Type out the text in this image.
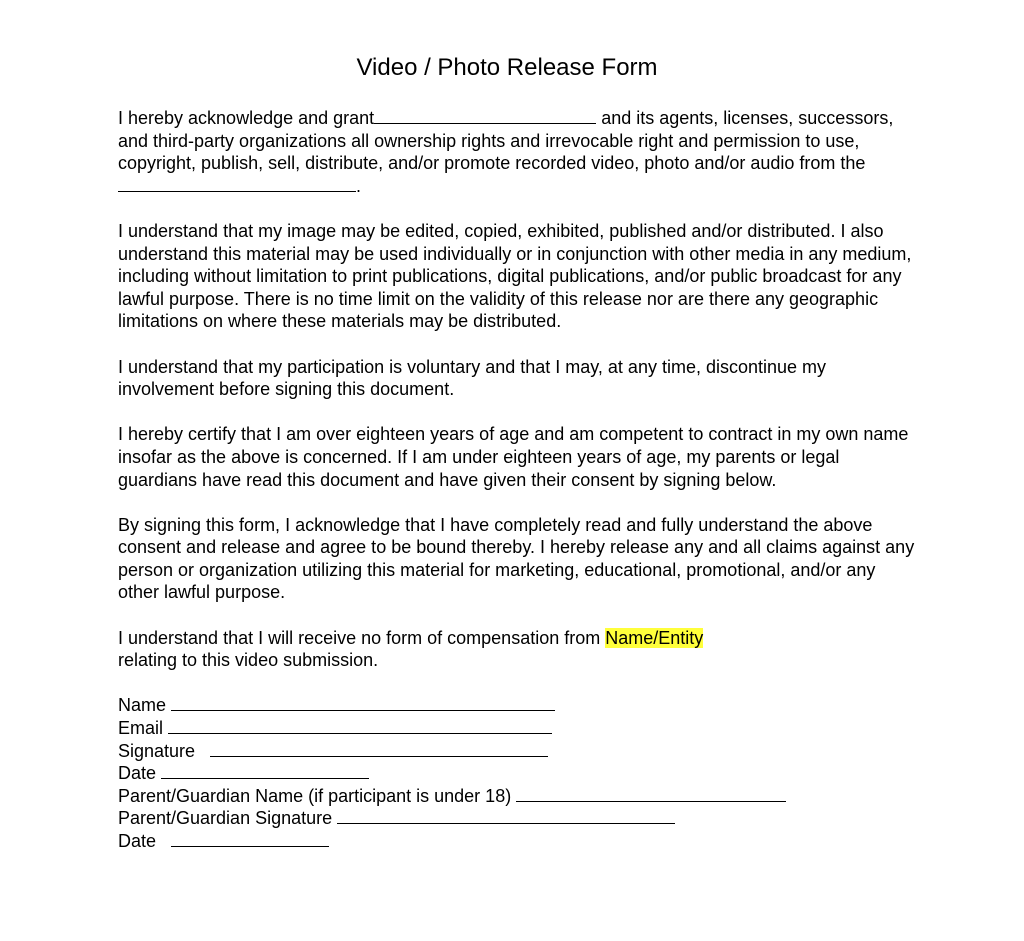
Video / Photo Release Form

I hereby acknowledge and grant	and its agents, licenses, successors, and third-party organizations all ownership rights and irrevocable right and permission to use, copyright, publish, sell, distribute, and/or promote recorded video, photo and/or audio from the .

I understand that my image may be edited, copied, exhibited, published and/or distributed. I also understand this material may be used individually or in conjunction with other media in any medium, including without limitation to print publications, digital publications, and/or public broadcast for any lawful purpose. There is no time limit on the validity of this release nor are there any geographic limitations on where these materials may be distributed.

I understand that my participation is voluntary and that I may, at any time, discontinue my involvement before signing this document.

I hereby certify that I am over eighteen years of age and am competent to contract in my own name insofar as the above is concerned. If I am under eighteen years of age, my parents or legal guardians have read this document and have given their consent by signing below.

By signing this form, I acknowledge that I have completely read and fully understand the above consent and release and agree to be bound thereby. I hereby release any and all claims against any person or organization utilizing this material for marketing, educational, promotional, and/or any other lawful purpose.

I understand that I will receive no form of compensation from Name/Entity
relating to this video submission.

Name
Email
Signature
Date
Parent/Guardian Name (if participant is under 18)
Parent/Guardian Signature
Date
